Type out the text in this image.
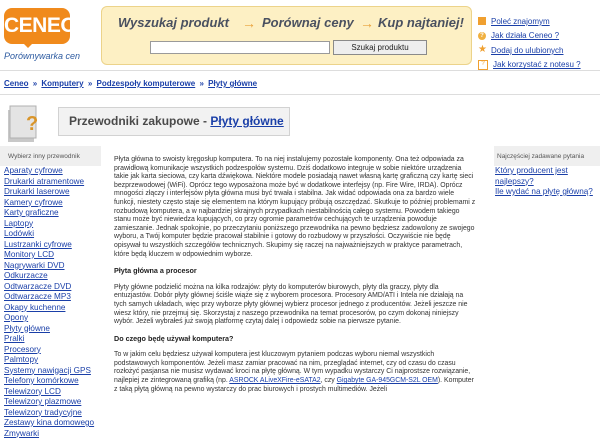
CENEO
Porównywarka cen
Wyszukaj produkt → Porównaj ceny → Kup najtaniej!
Szukaj produktu
Poleć znajomym
? Jak działa Ceneo ?
★ Dodaj do ulubionych
?	Jak korzystać z notesu ?
Ceneo » Komputery » Podzespoły komputerowe » Płyty główne
?	Przewodniki zakupowe - Płyty główne
Wybierz inny przewodnik	Najczęściej zadawane pytania
Aparaty cyfrowe
Drukarki atramentowe
Drukarki laserowe
Kamery cyfrowe
Karty graficzne
Laptopy
Lodówki
Lustrzanki cyfrowe
Monitory LCD
Nagrywarki DVD
Odkurzacze
Odtwarzacze DVD
Odtwarzacze MP3
Okapy kuchenne
Opony
Płyty główne
Pralki
Procesory
Palmtopy
Systemy nawigacji GPS
Telefony komórkowe
Telewizory LCD
Telewizory plazmowe
Telewizory tradycyjne
Zestawy kina domowego
Zmywarki
Który producent jest najlepszy?
Ile wydać na płytę główną?

Płyta główna to swoisty kręgosłup komputera. To na niej instalujemy pozostałe komponenty. Ona też odpowiada za prawidłową komunikacje wszystkich podzespołów systemu. Dziś dodatkowo integruje w sobie niektóre urządzenia takie jak karta sieciowa, czy karta dźwiękowa. Niektóre modele posiadają nawet własną kartę graficzną czy kartę sieci bezprzewodowej (WiFi). Oprócz tego wyposażona może być w dodatkowe interfejsy (np. Fire Wire, IRDA). Oprócz mnogości złączy i interfejsów płyta główna musi być trwała i stabilna. Jak widać odpowiada ona za bardzo wiele funkcji, niestety często staje się elementem na którym kupujący próbują oszczędzać. Skutkuje to później problemami z rozbudową komputera, a w najbardziej skrajnych przypadkach niestabilnością całego systemu. Powodem takiego stanu może być niewiedza kupujących, co przy ogromie parametrów cechujących te urządzenia powoduje zamieszanie. Jednak spokojnie, po przeczytaniu poniższego przewodnika na pewno będziesz zadowolony ze swojego wyboru, a Twój komputer będzie pracował stabilnie i gotowy do rozbudowy w przyszłości. Oczywiście nie będę opisywał tu wszystkich szczegółów technicznych. Skupimy się raczej na najważniejszych w praktyce parametrach, które będą kluczem w odpowiednim wyborze.

Płyta główna a procesor

Płyty główne podzielić można na kilka rodzajów: płyty do komputerów biurowych, płyty dla graczy, płyty dla entuzjastów. Dobór płyty głównej ściśle wiąże się z wyborem procesora. Procesory AMD/ATI i Intela nie działają na tych samych układach, więc przy wyborze płyty głównej wybierz procesor jednego z producentów. Jeżeli jeszcze nie wiesz który, nie przejmuj się. Skorzystaj z naszego przewodnika na temat procesorów, po czym dokonaj niniejszy wybór. Jeżeli wybrałeś już swoją platformę czytaj dalej i odpowiedz sobie na pierwsze pytanie.

Do czego będę używał komputera?

To w jakim celu będziesz używał komputera jest kluczowym pytaniem podczas wyboru niemal wszystkich podstawowych komponentów. Jeżeli masz zamiar pracować na nim, przeglądać internet, czy od czasu do czasu rozłożyć pasjansa nie musisz wydawać kroci na płytę główną. W tym wypadku wystarczy Ci najprostsze rozwiązanie, najlepiej ze zintegrowaną grafiką (np. ASROCK ALiveXFire-eSATA2, czy Gigabyte GA-945GCM-S2L OEM). Komputer z taką płytą główną na pewno wystarczy do prac biurowych i prostych multimediów. Jeżeli
